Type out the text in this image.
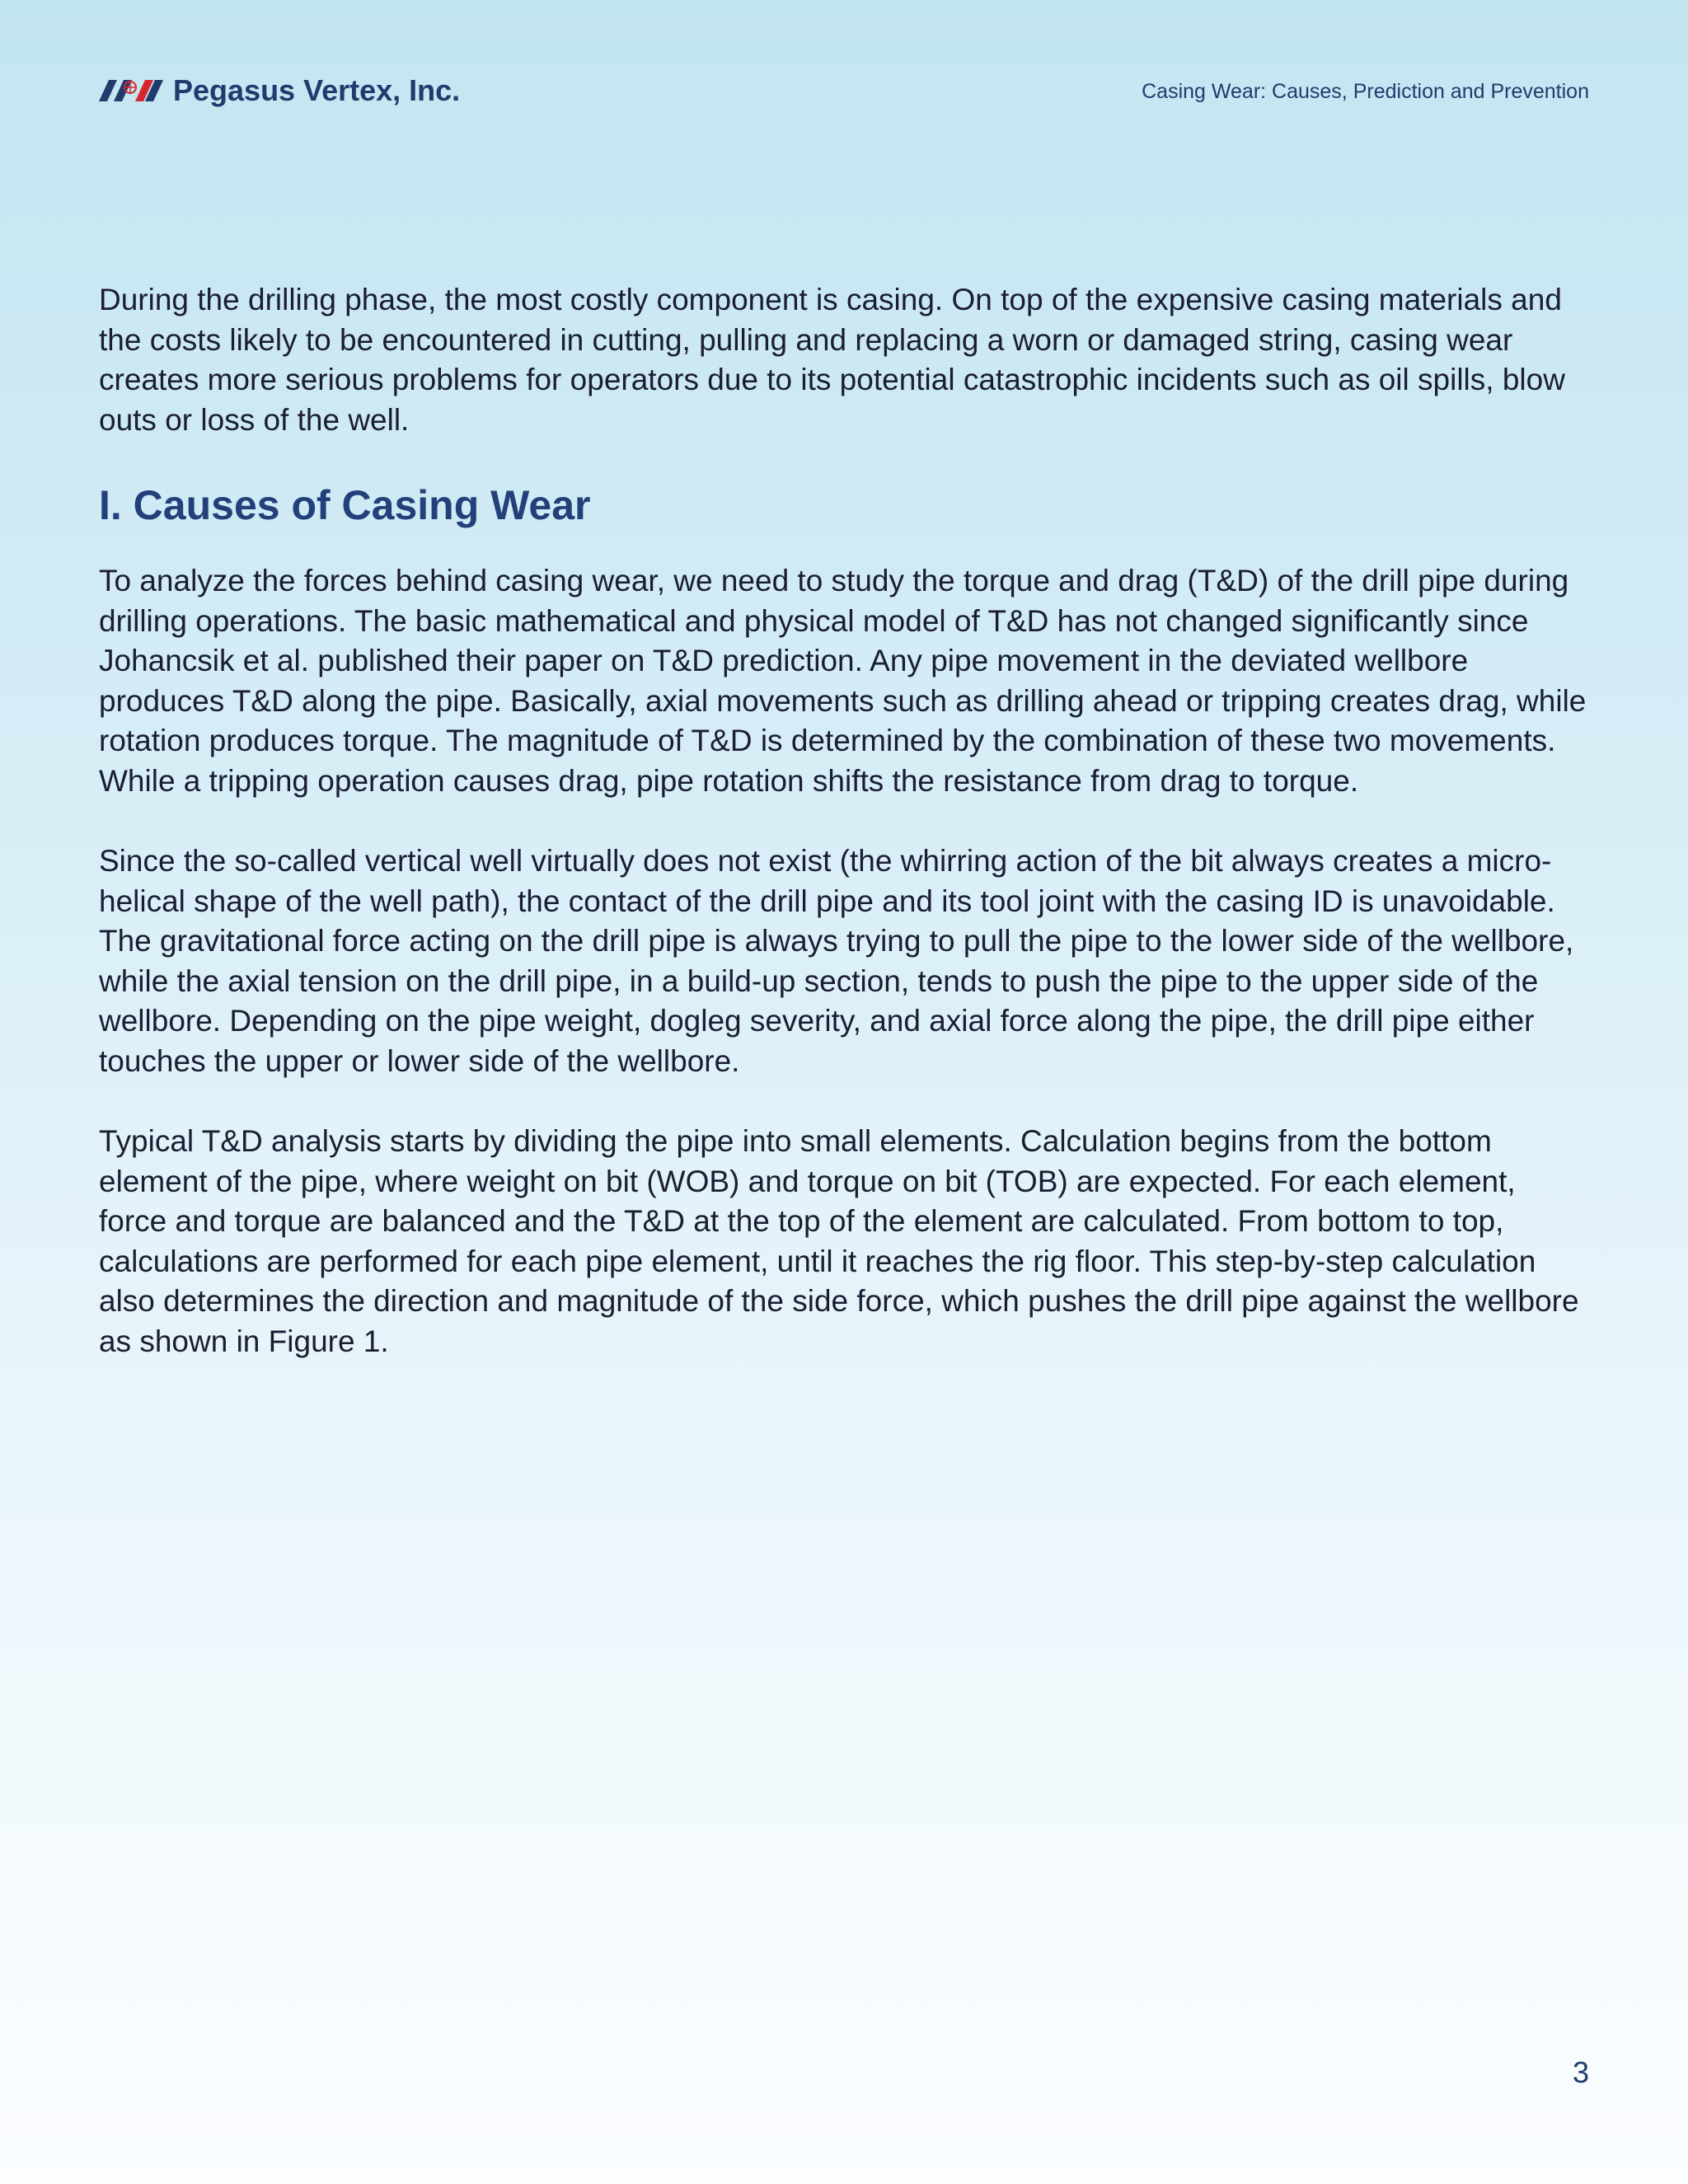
Pegasus Vertex, Inc.	Casing Wear: Causes, Prediction and Prevention

During the drilling phase, the most costly component is casing. On top of the expensive casing materials and the costs likely to be encountered in cutting, pulling and replacing a worn or damaged string, casing wear creates more serious problems for operators due to its potential catastrophic incidents such as oil spills, blow outs or loss of the well.

I. Causes of Casing Wear

To analyze the forces behind casing wear, we need to study the torque and drag (T&D) of the drill pipe during drilling operations. The basic mathematical and physical model of T&D has not changed significantly since Johancsik et al. published their paper on T&D prediction. Any pipe movement in the deviated wellbore produces T&D along the pipe. Basically, axial movements such as drilling ahead or tripping creates drag, while rotation produces torque. The magnitude of T&D is determined by the combination of these two movements. While a tripping operation causes drag, pipe rotation shifts the resistance from drag to torque.

Since the so-called vertical well virtually does not exist (the whirring action of the bit always creates a micro-helical shape of the well path), the contact of the drill pipe and its tool joint with the casing ID is unavoidable. The gravitational force acting on the drill pipe is always trying to pull the pipe to the lower side of the wellbore, while the axial tension on the drill pipe, in a build-up section, tends to push the pipe to the upper side of the wellbore. Depending on the pipe weight, dogleg severity, and axial force along the pipe, the drill pipe either touches the upper or lower side of the wellbore.

Typical T&D analysis starts by dividing the pipe into small elements. Calculation begins from the bottom element of the pipe, where weight on bit (WOB) and torque on bit (TOB) are expected. For each element, force and torque are balanced and the T&D at the top of the element are calculated. From bottom to top, calculations are performed for each pipe element, until it reaches the rig floor. This step-by-step calculation also determines the direction and magnitude of the side force, which pushes the drill pipe against the wellbore as shown in Figure 1.

3
